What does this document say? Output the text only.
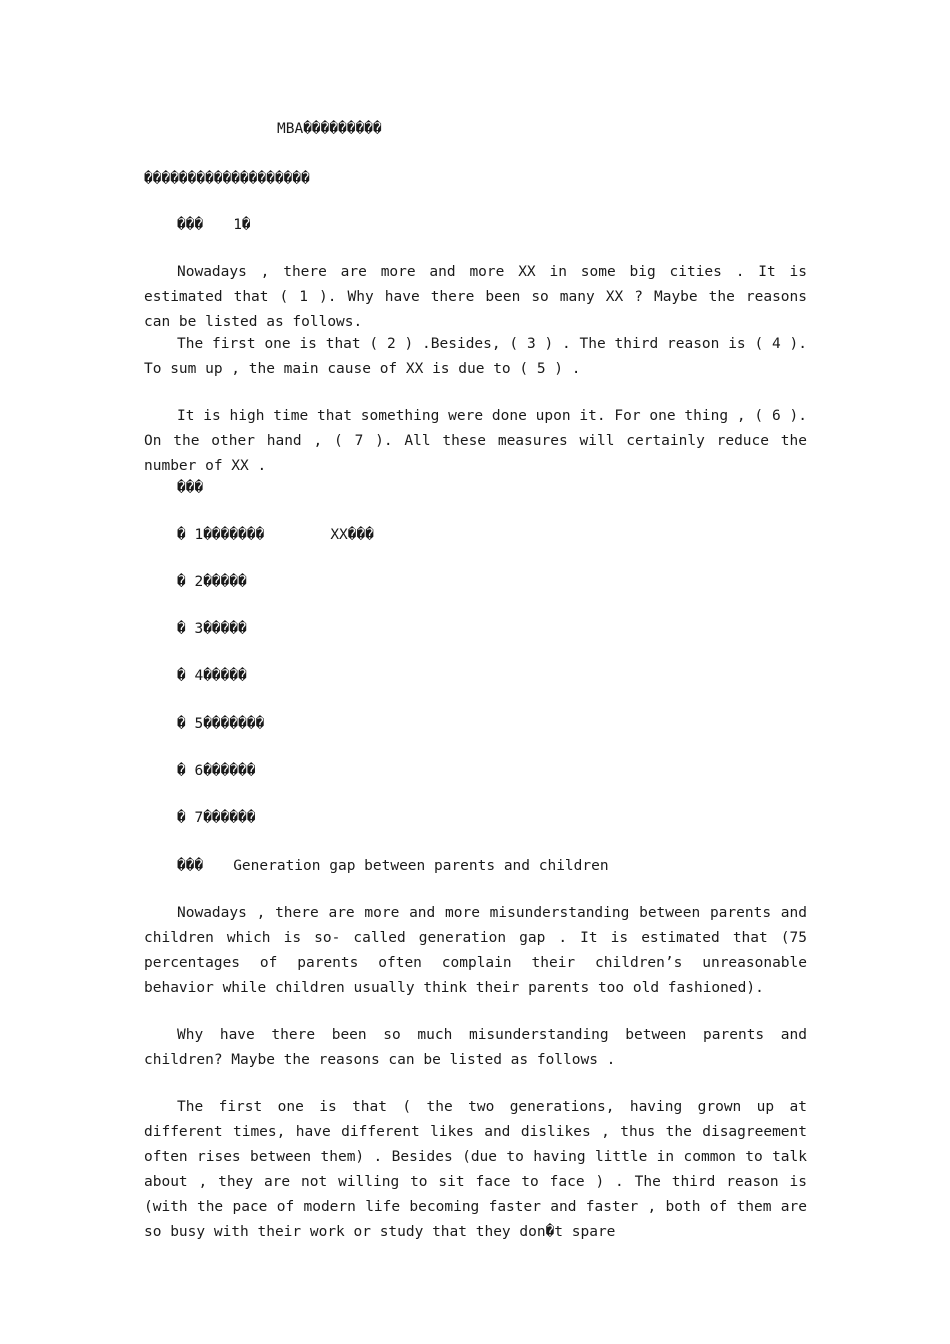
MBA���������
�������������������
��� 1�
Nowadays , there are more and more XX in some big cities . It is estimated that ( 1 ). Why have there been so many XX ? Maybe the reasons can be listed as follows.
The first one is that ( 2 ) .Besides, ( 3 ) . The third reason is ( 4 ). To sum up , the main cause of XX is due to ( 5 ) .
It is high time that something were done upon it. For one thing , ( 6 ). On the other hand , ( 7 ). All these measures will certainly reduce the number of XX .
���
� 1�������	XX���
� 2�����
� 3�����
� 4�����
� 5�������
� 6������
� 7������
��� Generation gap between parents and children
Nowadays , there are more and more misunderstanding between parents and children which is so- called generation gap . It is estimated that (75 percentages of parents often complain their children’s unreasonable behavior while children usually think their parents too old fashioned).
Why have there been so much misunderstanding between parents and children? Maybe the reasons can be listed as follows .
The first one is that ( the two generations, having grown up at different times, have different likes and dislikes , thus the disagreement often rises between them) . Besides (due to having little in common to talk about , they are not willing to sit face to face ) . The third reason is (with the pace of modern life becoming faster and faster , both of them are so busy with their work or study that they don�t spare
